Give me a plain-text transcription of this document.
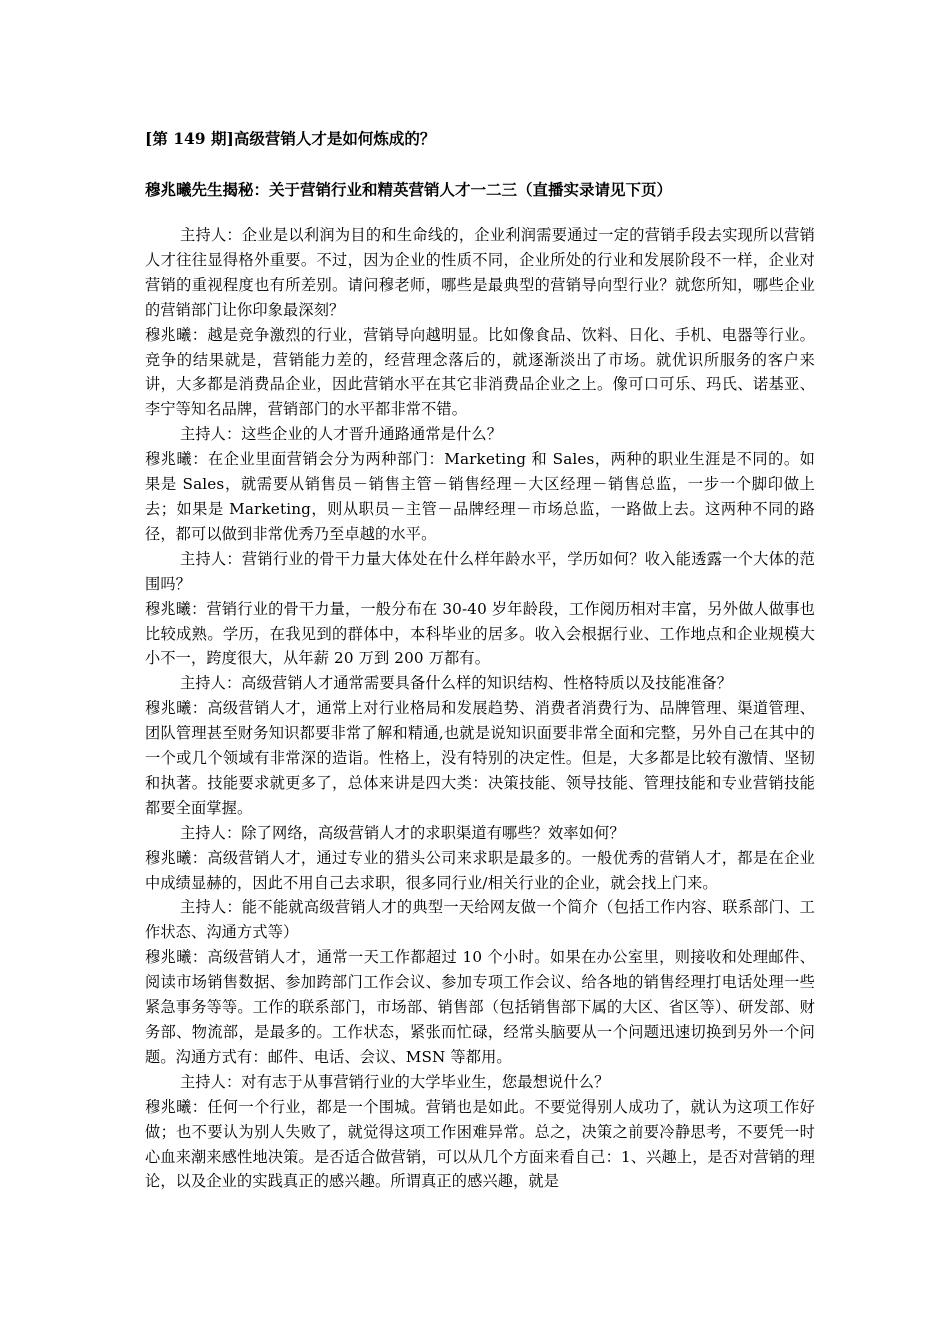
[第 149 期]高级营销人才是如何炼成的？
穆兆曦先生揭秘：关于营销行业和精英营销人才一二三（直播实录请见下页）

主持人：企业是以利润为目的和生命线的，企业利润需要通过一定的营销手段去实现所以营销人才往往显得格外重要。不过，因为企业的性质不同，企业所处的行业和发展阶段不一样，企业对营销的重视程度也有所差别。请问穆老师，哪些是最典型的营销导向型行业？就您所知，哪些企业的营销部门让你印象最深刻？

穆兆曦：越是竞争激烈的行业，营销导向越明显。比如像食品、饮料、日化、手机、电器等行业。竞争的结果就是，营销能力差的，经营理念落后的，就逐渐淡出了市场。就优识所服务的客户来讲，大多都是消费品企业，因此营销水平在其它非消费品企业之上。像可口可乐、玛氏、诺基亚、李宁等知名品牌，营销部门的水平都非常不错。

主持人：这些企业的人才晋升通路通常是什么？

穆兆曦：在企业里面营销会分为两种部门：Marketing 和 Sales，两种的职业生涯是不同的。如果是 Sales，就需要从销售员－销售主管－销售经理－大区经理－销售总监，一步一个脚印做上去；如果是 Marketing，则从职员－主管－品牌经理－市场总监，一路做上去。这两种不同的路径，都可以做到非常优秀乃至卓越的水平。

主持人：营销行业的骨干力量大体处在什么样年龄水平，学历如何？收入能透露一个大体的范围吗？

穆兆曦：营销行业的骨干力量，一般分布在 30-40 岁年龄段，工作阅历相对丰富，另外做人做事也比较成熟。学历，在我见到的群体中，本科毕业的居多。收入会根据行业、工作地点和企业规模大小不一，跨度很大，从年薪 20 万到 200 万都有。

主持人：高级营销人才通常需要具备什么样的知识结构、性格特质以及技能准备？

穆兆曦：高级营销人才，通常上对行业格局和发展趋势、消费者消费行为、品牌管理、渠道管理、团队管理甚至财务知识都要非常了解和精通,也就是说知识面要非常全面和完整，另外自己在其中的一个或几个领域有非常深的造诣。性格上，没有特别的决定性。但是，大多都是比较有激情、坚韧和执著。技能要求就更多了，总体来讲是四大类：决策技能、领导技能、管理技能和专业营销技能都要全面掌握。

主持人：除了网络，高级营销人才的求职渠道有哪些？效率如何？

穆兆曦：高级营销人才，通过专业的猎头公司来求职是最多的。一般优秀的营销人才，都是在企业中成绩显赫的，因此不用自己去求职，很多同行业/相关行业的企业，就会找上门来。

主持人：能不能就高级营销人才的典型一天给网友做一个简介（包括工作内容、联系部门、工作状态、沟通方式等）

穆兆曦：高级营销人才，通常一天工作都超过 10 个小时。如果在办公室里，则接收和处理邮件、阅读市场销售数据、参加跨部门工作会议、参加专项工作会议、给各地的销售经理打电话处理一些紧急事务等等。工作的联系部门，市场部、销售部（包括销售部下属的大区、省区等）、研发部、财务部、物流部，是最多的。工作状态，紧张而忙碌，经常头脑要从一个问题迅速切换到另外一个问题。沟通方式有：邮件、电话、会议、MSN 等都用。

主持人：对有志于从事营销行业的大学毕业生，您最想说什么？

穆兆曦：任何一个行业，都是一个围城。营销也是如此。不要觉得别人成功了，就认为这项工作好做；也不要认为别人失败了，就觉得这项工作困难异常。总之，决策之前要冷静思考，不要凭一时心血来潮来感性地决策。是否适合做营销，可以从几个方面来看自己：1、兴趣上，是否对营销的理论，以及企业的实践真正的感兴趣。所谓真正的感兴趣，就是
